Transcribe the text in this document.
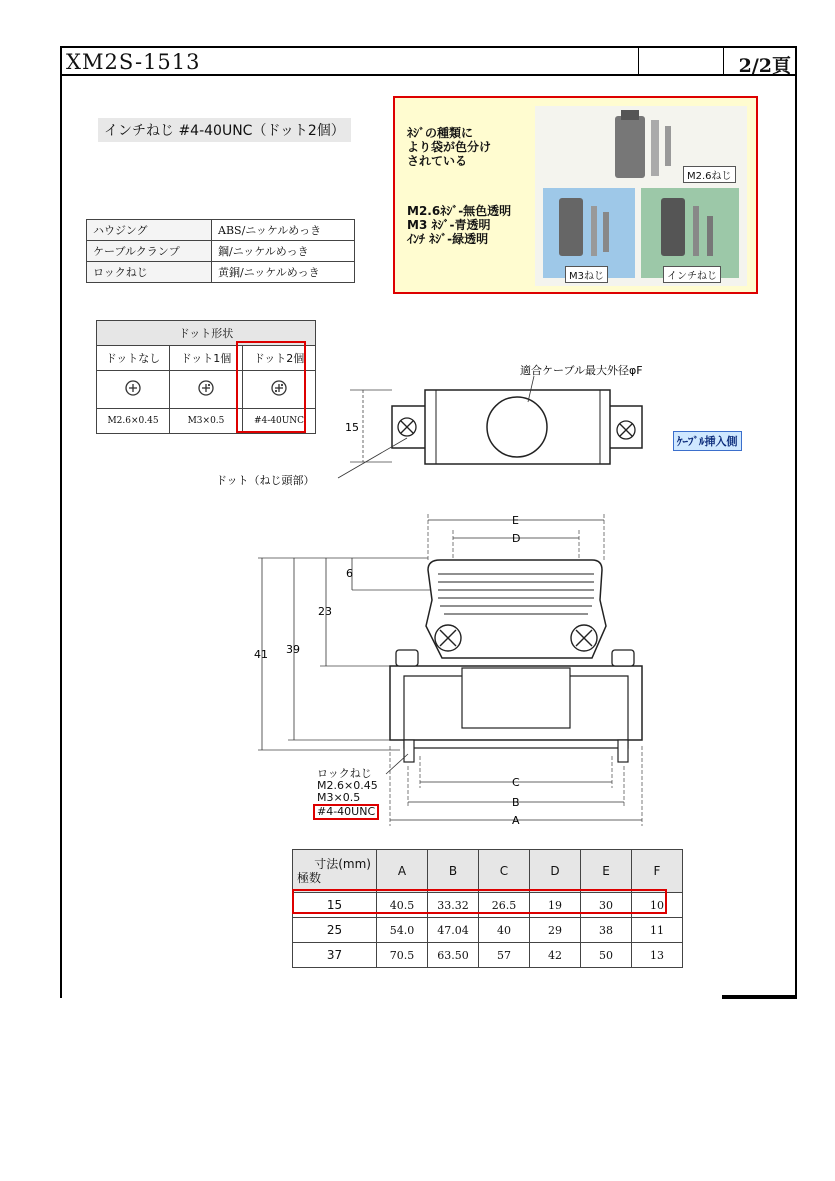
XM2S-1513	2/2頁
インチねじ #4-40UNC（ドット2個）
ハウジング	ABS/ニッケルめっき
ケーブルクランプ	鋼/ニッケルめっき
ロックねじ	黄銅/ニッケルめっき
ﾈｼﾞの種類に
より袋が色分け
されている
M2.6ﾈｼﾞ-無色透明
M3 ﾈｼﾞ-青透明
ｲﾝﾁ ﾈｼﾞ-緑透明
M2.6ねじ
M3ねじ	インチねじ
ドット形状		
ドットなし	ドット1個	ドット2個

M2.6×0.45	M3×0.5	#4-40UNC	15
適合ケーブル最大外径φF
ドット（ねじ頭部）
ｹｰﾌﾞﾙ挿入側
E
D
6
23
39
41
C
B
A
ロックねじ
M2.6×0.45
M3×0.5
#4-40UNC
寸法(mm)
極数	A	B	C	D	E	F
15	40.5	33.32	26.5	19	30	10
25	54.0	47.04	40	29	38	11
37	70.5	63.50	57	42	50	13
